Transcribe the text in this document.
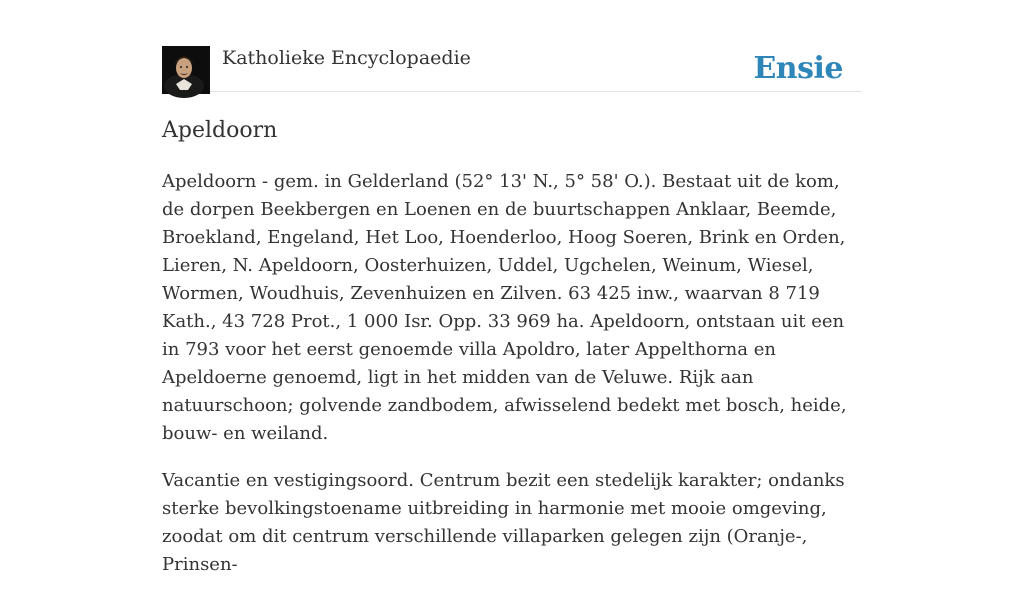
Katholieke Encyclopaedie	Ensie
Apeldoorn

Apeldoorn - gem. in Gelderland (52° 13' N., 5° 58' O.). Bestaat uit de kom, de dorpen Beekbergen en Loenen en de buurtschappen Anklaar, Beemde, Broekland, Engeland, Het Loo, Hoenderloo, Hoog Soeren, Brink en Orden, Lieren, N. Apeldoorn, Oosterhuizen, Uddel, Ugchelen, Weinum, Wiesel, Wormen, Woudhuis, Zevenhuizen en Zilven. 63 425 inw., waarvan 8 719 Kath., 43 728 Prot., 1 000 Isr. Opp. 33 969 ha. Apeldoorn, ontstaan uit een in 793 voor het eerst genoemde villa Apoldro, later Appelthorna en Apeldoerne genoemd, ligt in het midden van de Veluwe. Rijk aan natuurschoon; golvende zandbodem, afwisselend bedekt met bosch, heide, bouw- en weiland.

Vacantie en vestigingsoord. Centrum bezit een stedelijk karakter; ondanks sterke bevolkingstoename uitbreiding in harmonie met mooie omgeving, zoodat om dit centrum verschillende villaparken gelegen zijn (Oranje-, Prinsen-
